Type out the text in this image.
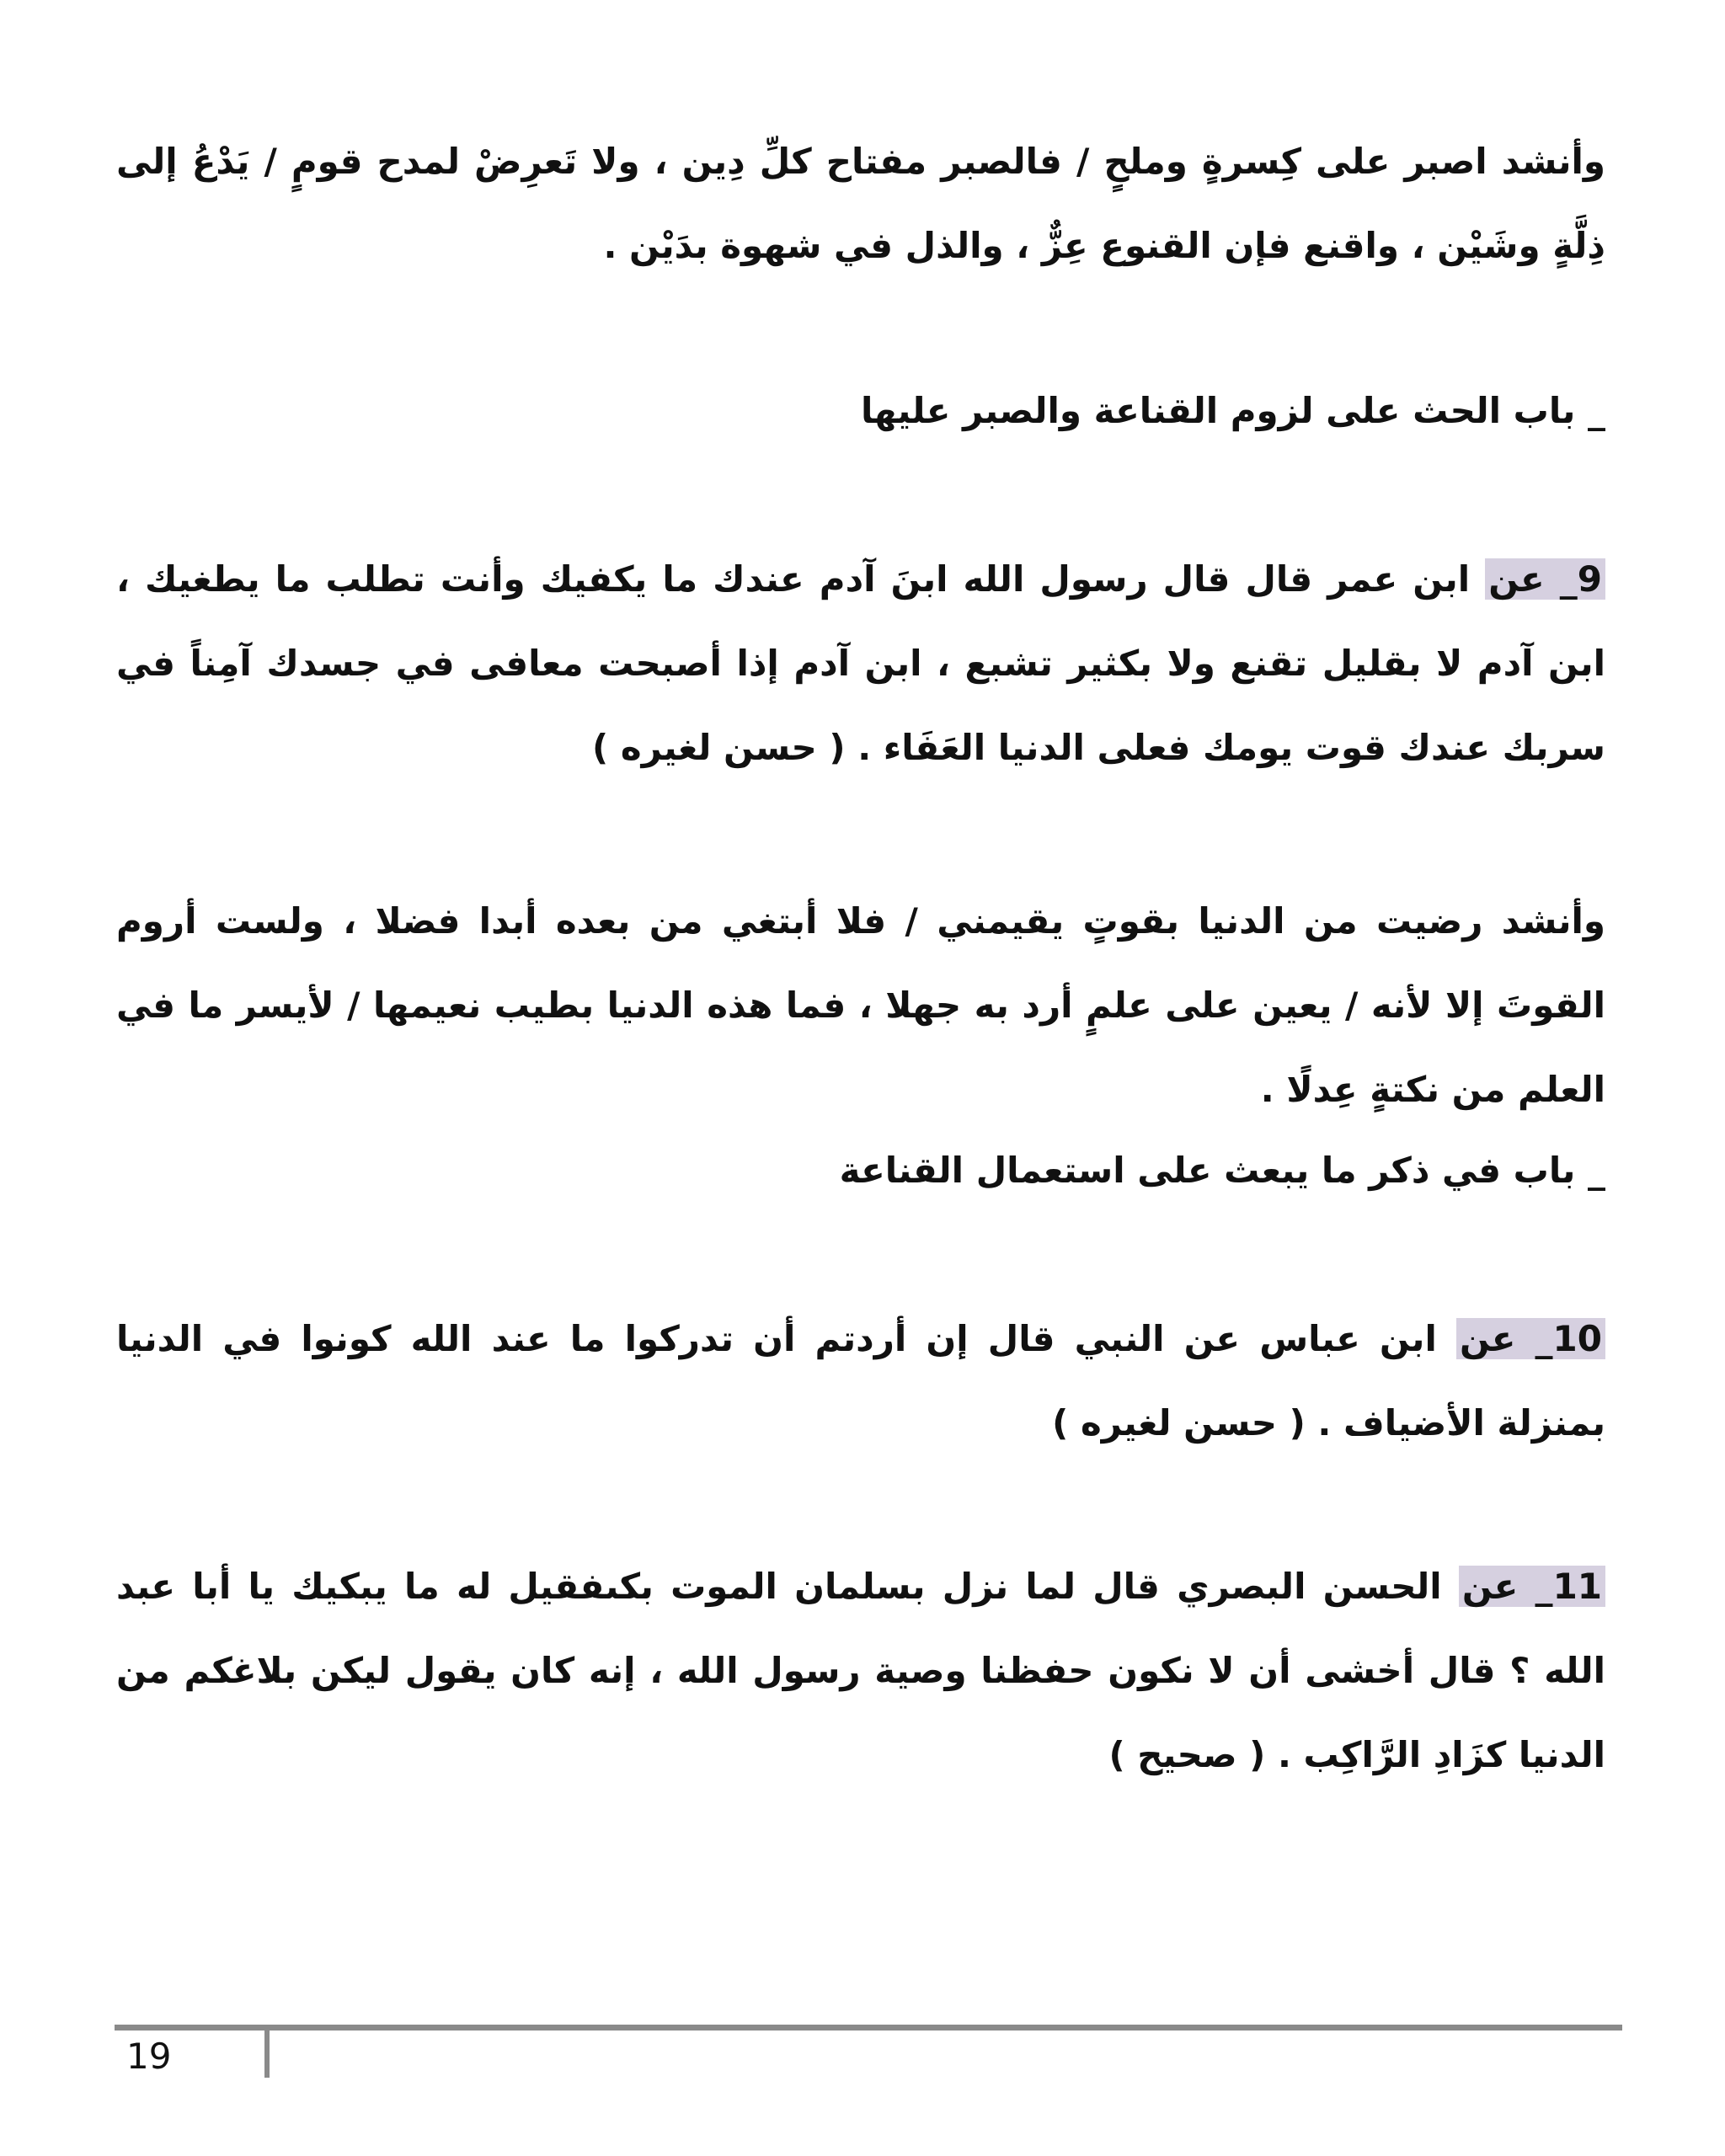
وأنشد اصبر على كِسرةٍ وملحٍ / فالصبر مفتاح كلِّ دِين ، ولا تَعرِضْ لمدح قومٍ / يَدْعُ إلى ذِلَّةٍ وشَيْن ، واقنع فإن القنوع عِزٌّ ، والذل في شهوة بدَيْن .

_ باب الحث على لزوم القناعة والصبر عليها

9_ عن ابن عمر قال قال رسول الله ابنَ آدم عندك ما يكفيك وأنت تطلب ما يطغيك ، ابن آدم لا بقليل تقنع ولا بكثير تشبع ، ابن آدم إذا أصبحت معافى في جسدك آمِناً في سربك عندك قوت يومك فعلى الدنيا العَفَاء . ( حسن لغيره )

وأنشد رضيت من الدنيا بقوتٍ يقيمني / فلا أبتغي من بعده أبدا فضلا ، ولست أروم القوتَ إلا لأنه / يعين على علمٍ أرد به جهلا ، فما هذه الدنيا بطيب نعيمها / لأيسر ما في العلم من نكتةٍ عِدلًا .

_ باب في ذكر ما يبعث على استعمال القناعة

10_ عن ابن عباس عن النبي قال إن أردتم أن تدركوا ما عند الله كونوا في الدنيا بمنزلة الأضياف . ( حسن لغيره )

11_ عن الحسن البصري قال لما نزل بسلمان الموت بكىفقيل له ما يبكيك يا أبا عبد الله ؟ قال أخشى أن لا نكون حفظنا وصية رسول الله ، إنه كان يقول ليكن بلاغكم من الدنيا كزَادِ الرَّاكِب . ( صحيح )

19
